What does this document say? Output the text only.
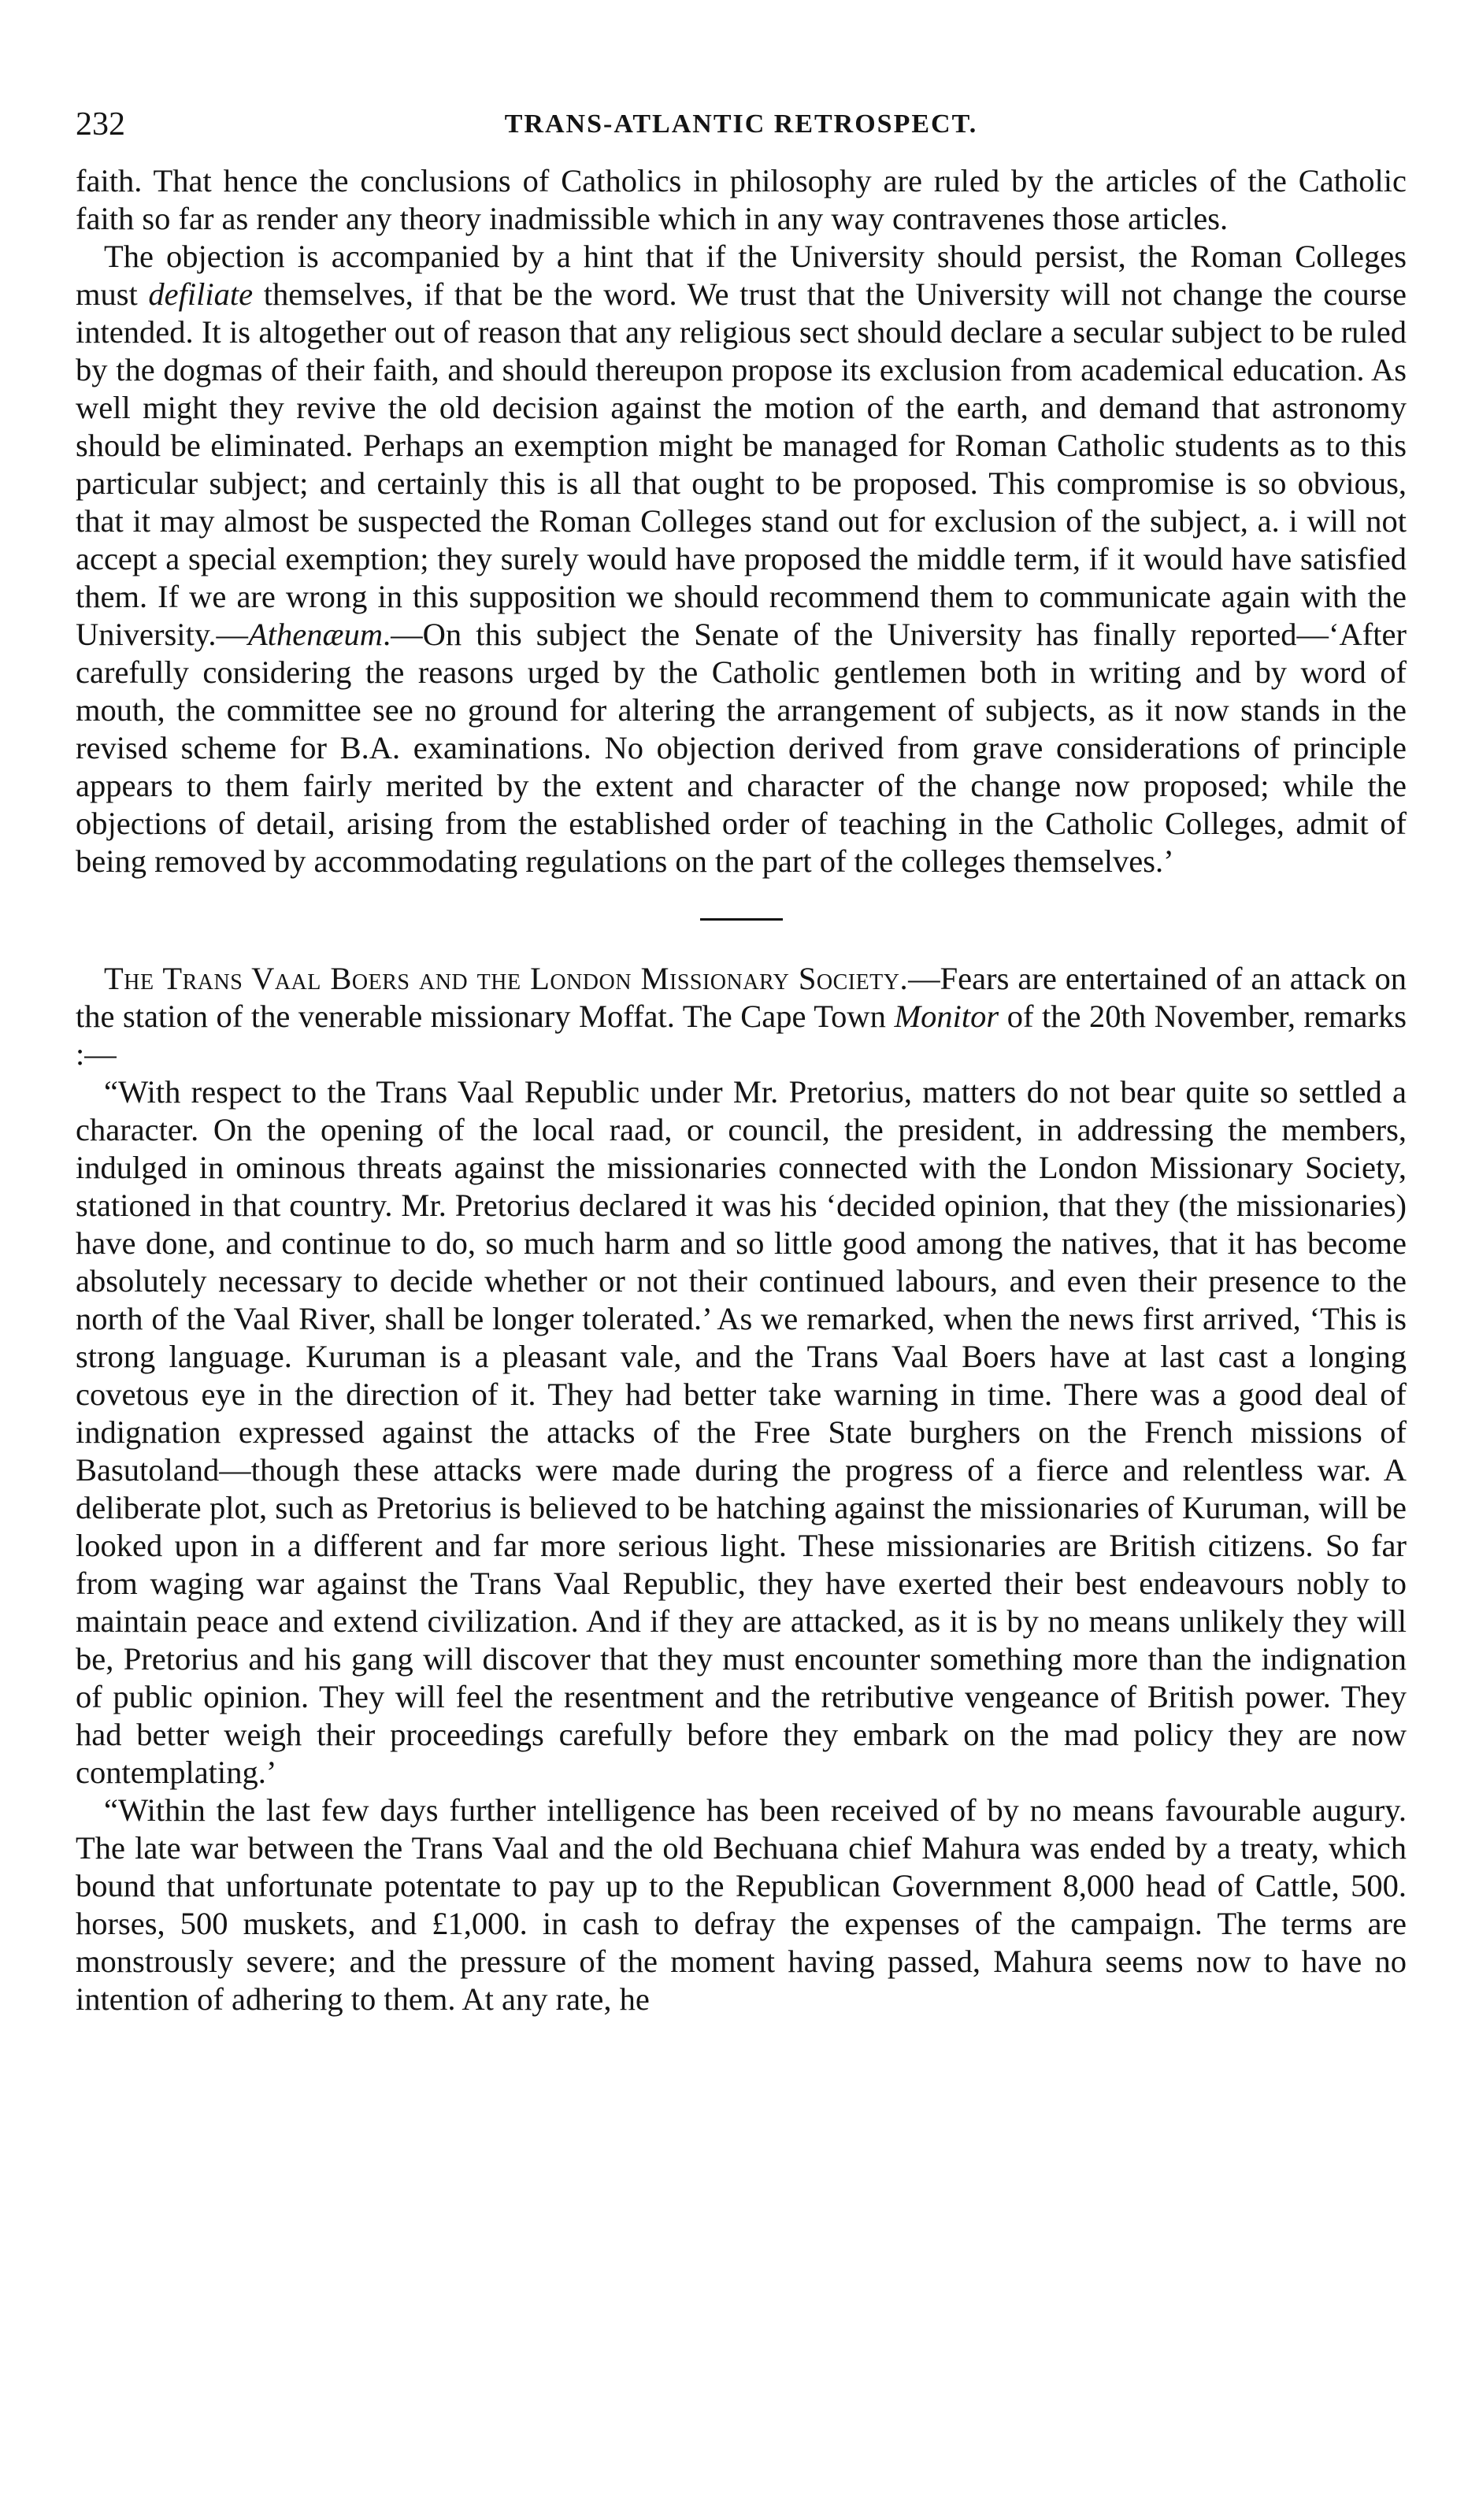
232	TRANS-ATLANTIC RETROSPECT.

faith. That hence the conclusions of Catholics in philosophy are ruled by the articles of the Catholic faith so far as render any theory inadmissible which in any way contravenes those articles.

The objection is accompanied by a hint that if the University should persist, the Roman Colleges must defiliate themselves, if that be the word. We trust that the University will not change the course intended. It is altogether out of reason that any religious sect should declare a secular subject to be ruled by the dogmas of their faith, and should thereupon propose its exclusion from academical education. As well might they revive the old decision against the motion of the earth, and demand that astronomy should be eliminated. Perhaps an exemption might be managed for Roman Catholic students as to this particular subject; and certainly this is all that ought to be proposed. This compromise is so obvious, that it may almost be suspected the Roman Colleges stand out for exclusion of the subject, a. i will not accept a special exemption; they surely would have proposed the middle term, if it would have satisfied them. If we are wrong in this supposition we should recommend them to communicate again with the University.—Athenæum.—On this subject the Senate of the University has finally reported—‘After carefully considering the reasons urged by the Catholic gentlemen both in writing and by word of mouth, the committee see no ground for altering the arrangement of subjects, as it now stands in the revised scheme for B.A. examinations. No objection derived from grave considerations of principle appears to them fairly merited by the extent and character of the change now proposed; while the objections of detail, arising from the established order of teaching in the Catholic Colleges, admit of being removed by accommodating regulations on the part of the colleges themselves.’

The Trans Vaal Boers and the London Missionary Society.—Fears are entertained of an attack on the station of the venerable missionary Moffat. The Cape Town Monitor of the 20th November, remarks :—

“With respect to the Trans Vaal Republic under Mr. Pretorius, matters do not bear quite so settled a character. On the opening of the local raad, or council, the president, in addressing the members, indulged in ominous threats against the missionaries connected with the London Missionary Society, stationed in that country. Mr. Pretorius declared it was his ‘decided opinion, that they (the missionaries) have done, and continue to do, so much harm and so little good among the natives, that it has become absolutely necessary to decide whether or not their continued labours, and even their presence to the north of the Vaal River, shall be longer tolerated.’ As we remarked, when the news first arrived, ‘This is strong language. Kuruman is a pleasant vale, and the Trans Vaal Boers have at last cast a longing covetous eye in the direction of it. They had better take warning in time. There was a good deal of indignation expressed against the attacks of the Free State burghers on the French missions of Basutoland—though these attacks were made during the progress of a fierce and relentless war. A deliberate plot, such as Pretorius is believed to be hatching against the missionaries of Kuruman, will be looked upon in a different and far more serious light. These missionaries are British citizens. So far from waging war against the Trans Vaal Republic, they have exerted their best endeavours nobly to maintain peace and extend civilization. And if they are attacked, as it is by no means unlikely they will be, Pretorius and his gang will discover that they must encounter something more than the indignation of public opinion. They will feel the resentment and the retributive vengeance of British power. They had better weigh their proceedings carefully before they embark on the mad policy they are now contemplating.’

“Within the last few days further intelligence has been received of by no means favourable augury. The late war between the Trans Vaal and the old Bechuana chief Mahura was ended by a treaty, which bound that unfortunate potentate to pay up to the Republican Government 8,000 head of Cattle, 500. horses, 500 muskets, and £1,000. in cash to defray the expenses of the campaign. The terms are monstrously severe; and the pressure of the moment having passed, Mahura seems now to have no intention of adhering to them. At any rate, he
